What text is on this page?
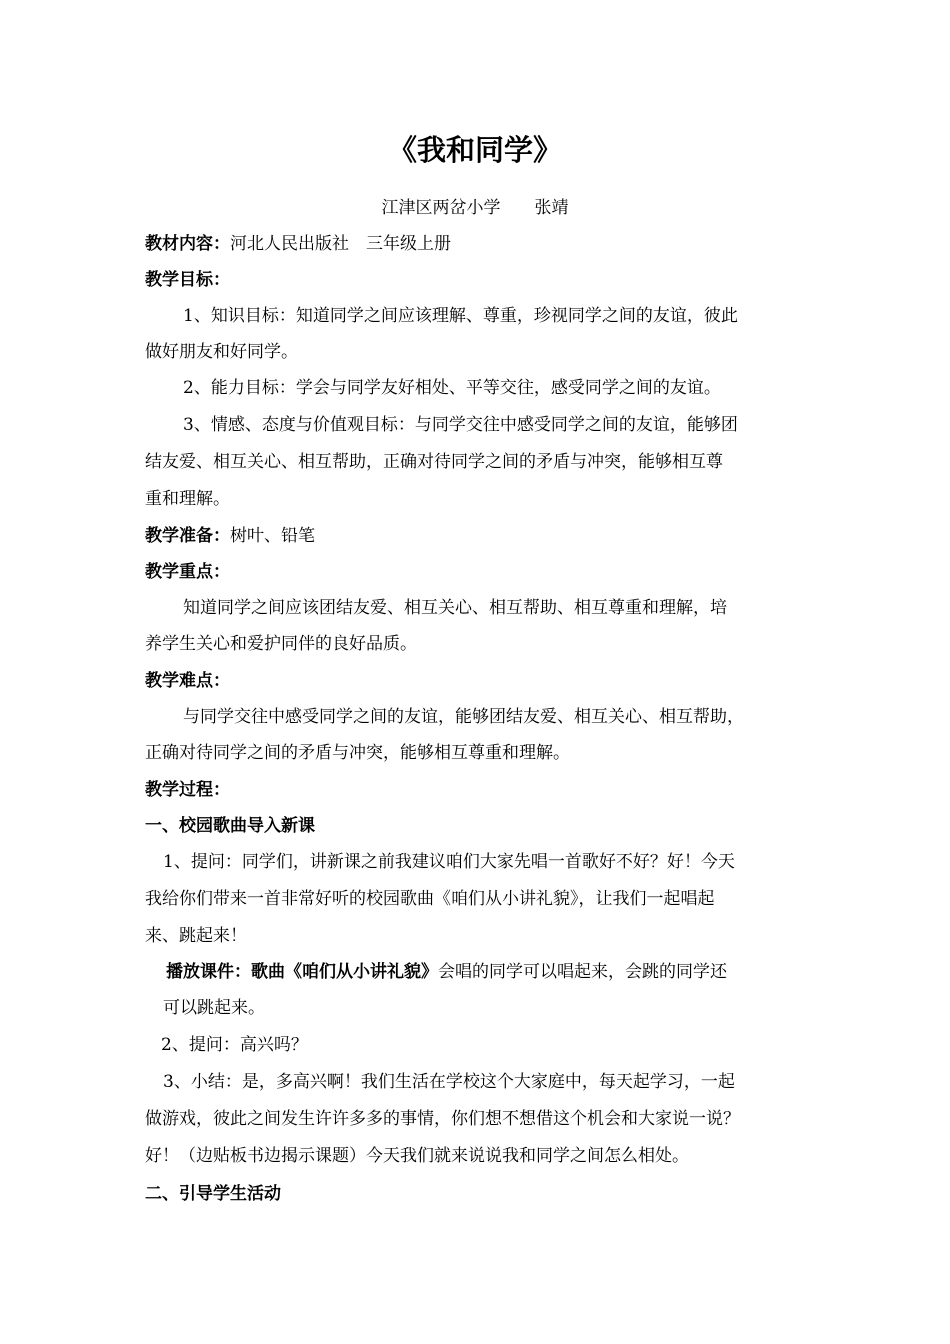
《我和同学》
江津区两岔小学 张靖
教材内容：河北人民出版社　三年级上册
教学目标：
1、知识目标：知道同学之间应该理解、尊重，珍视同学之间的友谊，彼此
做好朋友和好同学。
2、能力目标：学会与同学友好相处、平等交往，感受同学之间的友谊。
3、情感、态度与价值观目标：与同学交往中感受同学之间的友谊，能够团
结友爱、相互关心、相互帮助，正确对待同学之间的矛盾与冲突，能够相互尊
重和理解。
教学准备：树叶、铅笔
教学重点：
知道同学之间应该团结友爱、相互关心、相互帮助、相互尊重和理解，培
养学生关心和爱护同伴的良好品质。
教学难点：
与同学交往中感受同学之间的友谊，能够团结友爱、相互关心、相互帮助，
正确对待同学之间的矛盾与冲突，能够相互尊重和理解。
教学过程：
一、校园歌曲导入新课
1、提问：同学们，讲新课之前我建议咱们大家先唱一首歌好不好？好！今天
我给你们带来一首非常好听的校园歌曲《咱们从小讲礼貌》，让我们一起唱起
来、跳起来！
播放课件：歌曲《咱们从小讲礼貌》会唱的同学可以唱起来，会跳的同学还
可以跳起来。
2、提问：高兴吗？
3、小结：是，多高兴啊！我们生活在学校这个大家庭中，每天起学习，一起
做游戏，彼此之间发生许许多多的事情，你们想不想借这个机会和大家说一说？
好！（边贴板书边揭示课题）今天我们就来说说我和同学之间怎么相处。
二、引导学生活动
